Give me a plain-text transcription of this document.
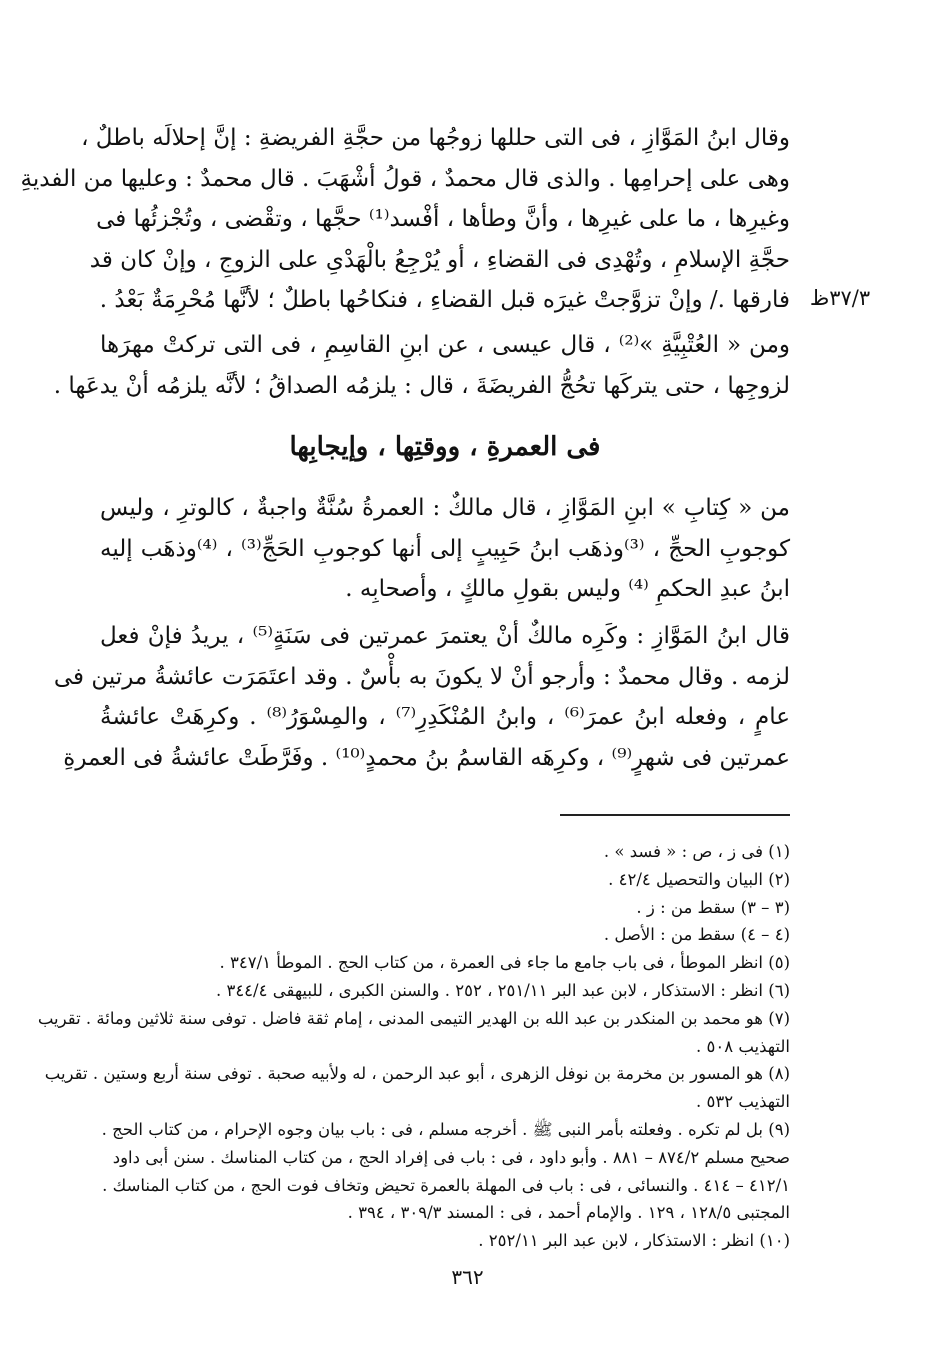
٣٧/٣ظ
وقال ابنُ المَوَّازِ ، فى التى حللها زوجُها من حجَّةِ الفريضةِ : إنَّ إحلالَه باطلٌ ،
وهى على إحرامِها . والذى قال محمدٌ ، قولُ أشْهَبَ . قال محمدٌ : وعليها من الفديةِ
وغيرِها ، ما على غيرِها ، وأنَّ وطأها ، أفْسد⁽¹⁾ حجَّها ، وتقْضى ، وتُجْزئُها فى
حجَّةِ الإسلامِ ، وتُهْدِى فى القضاءِ ، أو يُرْجِعُ بالْهَدْىِ على الزوجِ ، وإنْ كان قد
فارقها ./ وإنْ تزوَّجتْ غيرَه قبل القضاءِ ، فنكاحُها باطلٌ ؛ لأنَّها مُحْرِمَةٌ بَعْدُ .
ومن « العُتْبِيَّةِ »⁽²⁾ ، قال عيسى ، عن ابنِ القاسِمِ ، فى التى تركتْ مهرَها
لزوجِها ، حتى يتركَها تحُجُّ الفريضَةَ ، قال : يلزمُه الصداقُ ؛ لأنَّه يلزمُه أنْ يدعَها .
فى العمرةِ ، ووقتِها ، وإيجابِها
من « كِتابِ » ابنِ المَوَّازِ ، قال مالكٌ : العمرةُ سُنَّةٌ واجبةٌ ، كالوترِ ، وليس
كوجوبِ الحجِّ ، ⁽³⁾وذهَب ابنُ حَبِيبٍ إلى أنها كوجوبِ الحَجِّ⁽³⁾ ، ⁽⁴⁾وذهَب إليه
ابنُ عبدِ الحكمِ ⁽⁴⁾ وليس بقولِ مالكٍ ، وأصحابِه .
قال ابنُ المَوَّازِ : وكَرِه مالكٌ أنْ يعتمرَ عمرتين فى سَنَةٍ⁽⁵⁾ ، يريدُ فإنْ فعل
لزمه . وقال محمدٌ : وأرجو أنْ لا يكونَ به بأْسٌ . وقد اعتَمَرَت عائشةُ مرتين فى
عامٍ ، وفعله ابنُ عمرَ⁽⁶⁾ ، وابنُ المُنْكَدِرِ⁽⁷⁾ ، والمِسْوَرُ⁽⁸⁾ . وكرِهَتْ عائشةُ
عمرتين فى شهرٍ⁽⁹⁾ ، وكرِهَه القاسمُ بنُ محمدٍ⁽¹⁰⁾ . وفَرَّطَتْ عائشةُ فى العمرةِ
(١) فى ز ، ص : « فسد » .
(٢) البيان والتحصيل ٤٢/٤ .
(٣ – ٣) سقط من : ز .
(٤ – ٤) سقط من : الأصل .
(٥) انظر الموطأ ، فى باب جامع ما جاء فى العمرة ، من كتاب الحج . الموطأ ٣٤٧/١ .
(٦) انظر : الاستذكار ، لابن عبد البر ٢٥١/١١ ، ٢٥٢ . والسنن الكبرى ، للبيهقى ٣٤٤/٤ .
(٧) هو محمد بن المنكدر بن عبد الله بن الهدير التيمى المدنى ، إمام ثقة فاضل . توفى سنة ثلاثين ومائة . تقريب
التهذيب ٥٠٨ .
(٨) هو المسور بن مخرمة بن نوفل الزهرى ، أبو عبد الرحمن ، له ولأبيه صحبة . توفى سنة أربع وستين . تقريب
التهذيب ٥٣٢ .
(٩) بل لم تكره . وفعلته بأمر النبى ﷺ . أخرجه مسلم ، فى : باب بيان وجوه الإحرام ، من كتاب الحج .
صحيح مسلم ٨٧٤/٢ – ٨٨١ . وأبو داود ، فى : باب فى إفراد الحج ، من كتاب المناسك . سنن أبى داود
٤١٢/١ – ٤١٤ . والنسائى ، فى : باب فى المهلة بالعمرة تحيض وتخاف فوت الحج ، من كتاب المناسك .
المجتبى ١٢٨/٥ ، ١٢٩ . والإمام أحمد ، فى : المسند ٣٠٩/٣ ، ٣٩٤ .
(١٠) انظر : الاستذكار ، لابن عبد البر ٢٥٢/١١ .
٣٦٢
